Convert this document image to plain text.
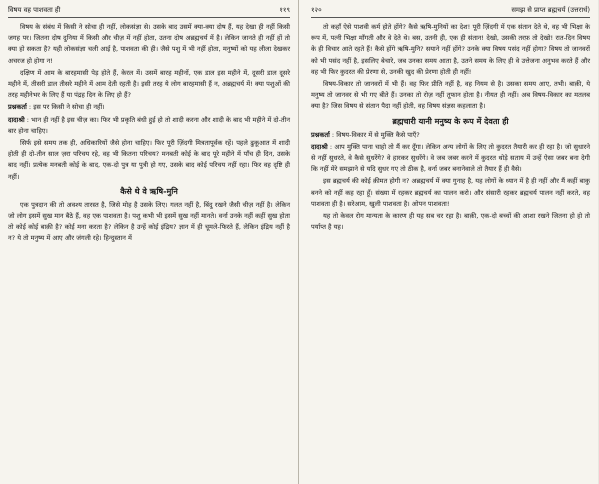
विषय वह पाशवता ही	११९

विषय के संबंध में किसी ने सोचा ही नहीं, लोकसंज्ञा से। उसके बाद उसमें क्या-क्या दोष हैं, यह देखा ही नहीं किसी जगह पर। जितना दोष दुनिया में किसी और चीज़ में नहीं होता, उतना दोष अब्रह्मचर्य में है। लेकिन जानते ही नहीं हों तो क्या हो सकता है? यही लोकसंज्ञा चली आई है, पाशवता की ही। जैसे पशु में भी नहीं होता, मनुष्यों को यह लीला देखकर अचरज हो होगा न!

दक्षिण में आम के बारहमासी पेड़ होते हैं, केरल में। उसमें बारह महीनों, एक डाल इस महीने में, दूसरी डाल दूसरे महीने में, तीसरी डाल तीसरे महीने में आम देती रहती है। इसी तरह ये लोग बारहमासी हैं न, अब्रह्मचर्य में! क्या पशुओं की तरह महीनेभर के लिए हैं या पंद्रह दिन के लिए हो हैं?

प्रश्नकर्ता : इस पर किसी ने सोचा ही नहीं।

दादाश्री : भान ही नहीं है इस चीज़ का। फिर भी प्रकृति बंधी हुई हो तो शादी करना और शादी के बाद भी महीने में दो-तीन बार होना चाहिए।

सिर्फ इसे समय तक ही, अधिकारियों जैसे होना चाहिए। फिर पूरी ज़िंदगी मित्रतापूर्वक रहें। पहले ढुकूआत में शादी होती ही दो-तीन साल ज़रा परिचय रहे, वह भी कितना परिचय? मनबती कोई के बाद पूरे महीने में पाँच ही दिन, उसके बाद नहीं। प्रत्येक मनबती कोई के बाद, एक-दो पुत्र या पुत्री हो गए, उसके बाद कोई परिचय नहीं रहा। फिर वह दृष्टि ही नहीं।

कैसे थे वे ऋषि-मुनि

एक पुत्रदान की तो अवश्य तारस्त है, जिसे मोह है उसके लिए। गलत नहीं है, बिंदु रखने जैसी चीज़ नहीं है। लेकिन जो लोग इसमें सुख मान बैठे हैं, वह एक पाशवता है। पशु कभी भी इसमें सुख नहीं मानते। वर्ना उनके नहीं कहीं सुख होता तो कोई कोई बाक़ी है? कोई मना करता है? लेकिन है उन्हें कोई इंद्रिय? ज्ञान में ही चूमले-फिरते हैं, लेकिन इंद्रिय नहीं है न? ये तो मनुष्य में आए और जंगली रहे। हिन्दुस्तान में

१२०	समझ से प्राप्त ब्रह्मचर्य (उत्तरार्ध)

तो कहाँ ऐसे पाशवी कर्म होते होंगे? कैसे ऋषि-मुनियों का देश! पूरी ज़िंदगी में एक संतान देते थे, वह भी भिक्षा के रूप में, पत्नी भिक्षा माँगती और वे देते थे। बस, उतनी ही, एक ही संतान! देखो, उसकी तरफ़ तो देखो! रात-दिन विषय के ही विचार आते रहते हैं! कैसे होंगे ऋषि-मुनि? सयाने नहीं होंगे? उनके क्या विषय पसंद नहीं होगा? विषय तो जानवरों को भी पसंद नहीं है, इसलिए बेचारे, जब उनका समय आता है, उतने समय के लिए ही वे उत्तेजना अनुभव करते हैं और वह भी फिर कुदरत की प्रेरणा से, उनकी खुद की प्रेरणा होती ही नहीं!

विषय-विकार तो जानवरों में भी हैं। वह फिर प्रीति नहीं है, वह नियम से है। उसका समय आए, तभी। बाक़ी, ये मनुष्य तो जानवर से भी गए बीते हैं। उनका तो रोज़ नहीं तूफान होता है। नीयत ही नहीं। अब विषय-विकार का मतलब क्या है? जिस विषय से संतान पैदा नहीं होती, वह विषय संज्ञस कहलाता है।

ब्रह्मचारी यानी मनुष्य के रूप में देवता ही

प्रश्नकर्ता : विषय-विकार में से मुक्ति कैसे पाएँ?

दादाश्री : आप मुक्ति पाना चाहो तो मैं कर दूँगा। लेकिन अन्य लोगों के लिए तो कुदरत तैयारी कर ही रहा है। जो सुधारने से नहीं सुधरते, वे कैसे सुधरेंगे? वे हारकर सुधरेंगे। वे जब जबर करने में कुदरत थोड़े सताय में उन्हें ऐसा जबर बना देगी कि नहीं मेरे समझाने से यदि सुधर गए तो ठीक है, वर्ना जबर बनानेवाले तो तैयार हैं ही वैसे।

इस ब्रह्मचर्य की कोई क़ीमत होगी न? अब्रह्मचर्य में क्या गुनाह है, यह लोगों के ध्यान में है ही नहीं और मैं कहीं बाकु बनने को नहीं कह रहा हूँ। संख्या में रहकर ब्रह्मचर्य का पालन करो। और संसारी रहकर ब्रह्मचर्य पालन नहीं करते, वह पाशवता ही है। सरेआम, खुली पाशवता है। ओपन पाशवता!

यह तो केवल रोग मान्यता के कारण ही यह सब चर रहा है। बाक़ी, एक-दो बच्चों की आशा रखने जितना हो हो तो पर्याप्त है यह।
